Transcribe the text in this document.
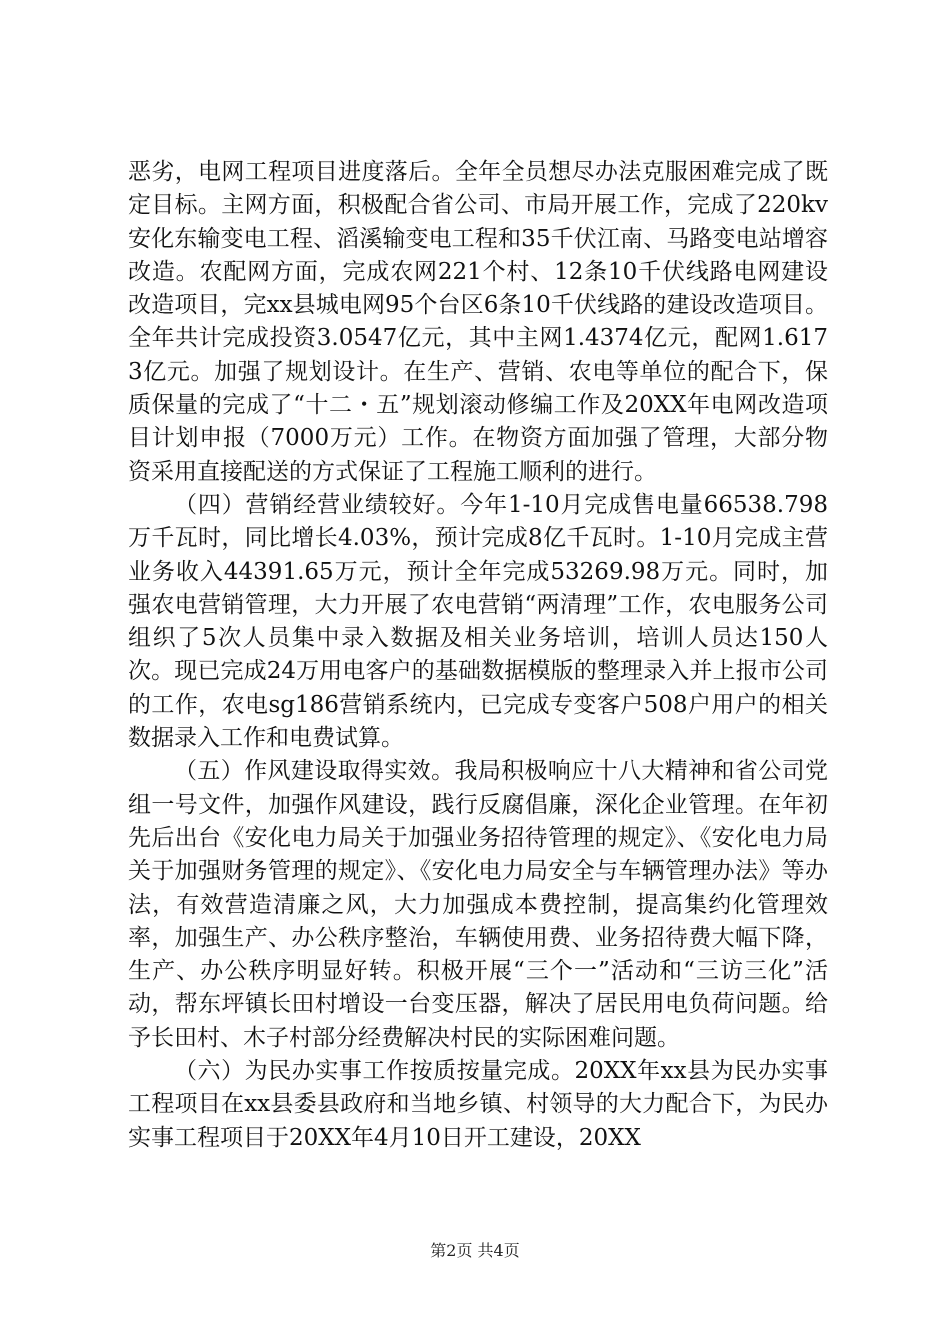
恶劣，电网工程项目进度落后。全年全员想尽办法克服困难完成了既定目标。主网方面，积极配合省公司、市局开展工作，完成了220kv安化东输变电工程、滔溪输变电工程和35千伏江南、马路变电站增容改造。农配网方面，完成农网221个村、12条10千伏线路电网建设改造项目，完xx县城电网95个台区6条10千伏线路的建设改造项目。全年共计完成投资3.0547亿元，其中主网1.4374亿元，配网1.6173亿元。加强了规划设计。在生产、营销、农电等单位的配合下，保质保量的完成了“十二・五”规划滚动修编工作及20XX年电网改造项目计划申报（7000万元）工作。在物资方面加强了管理，大部分物资采用直接配送的方式保证了工程施工顺利的进行。

（四）营销经营业绩较好。今年1-10月完成售电量66538.798万千瓦时，同比增长4.03%，预计完成8亿千瓦时。1-10月完成主营业务收入44391.65万元，预计全年完成53269.98万元。同时，加强农电营销管理，大力开展了农电营销“两清理”工作，农电服务公司组织了5次人员集中录入数据及相关业务培训，培训人员达150人次。现已完成24万用电客户的基础数据模版的整理录入并上报市公司的工作，农电sg186营销系统内，已完成专变客户508户用户的相关数据录入工作和电费试算。

（五）作风建设取得实效。我局积极响应十八大精神和省公司党组一号文件，加强作风建设，践行反腐倡廉，深化企业管理。在年初先后出台《安化电力局关于加强业务招待管理的规定》、《安化电力局关于加强财务管理的规定》、《安化电力局安全与车辆管理办法》等办法，有效营造清廉之风，大力加强成本费控制，提高集约化管理效率，加强生产、办公秩序整治，车辆使用费、业务招待费大幅下降，生产、办公秩序明显好转。积极开展“三个一”活动和“三访三化”活动，帮东坪镇长田村增设一台变压器，解决了居民用电负荷问题。给予长田村、木子村部分经费解决村民的实际困难问题。

（六）为民办实事工作按质按量完成。20XX年xx县为民办实事工程项目在xx县委县政府和当地乡镇、村领导的大力配合下，为民办实事工程项目于20XX年4月10日开工建设，20XX

第2页 共4页
